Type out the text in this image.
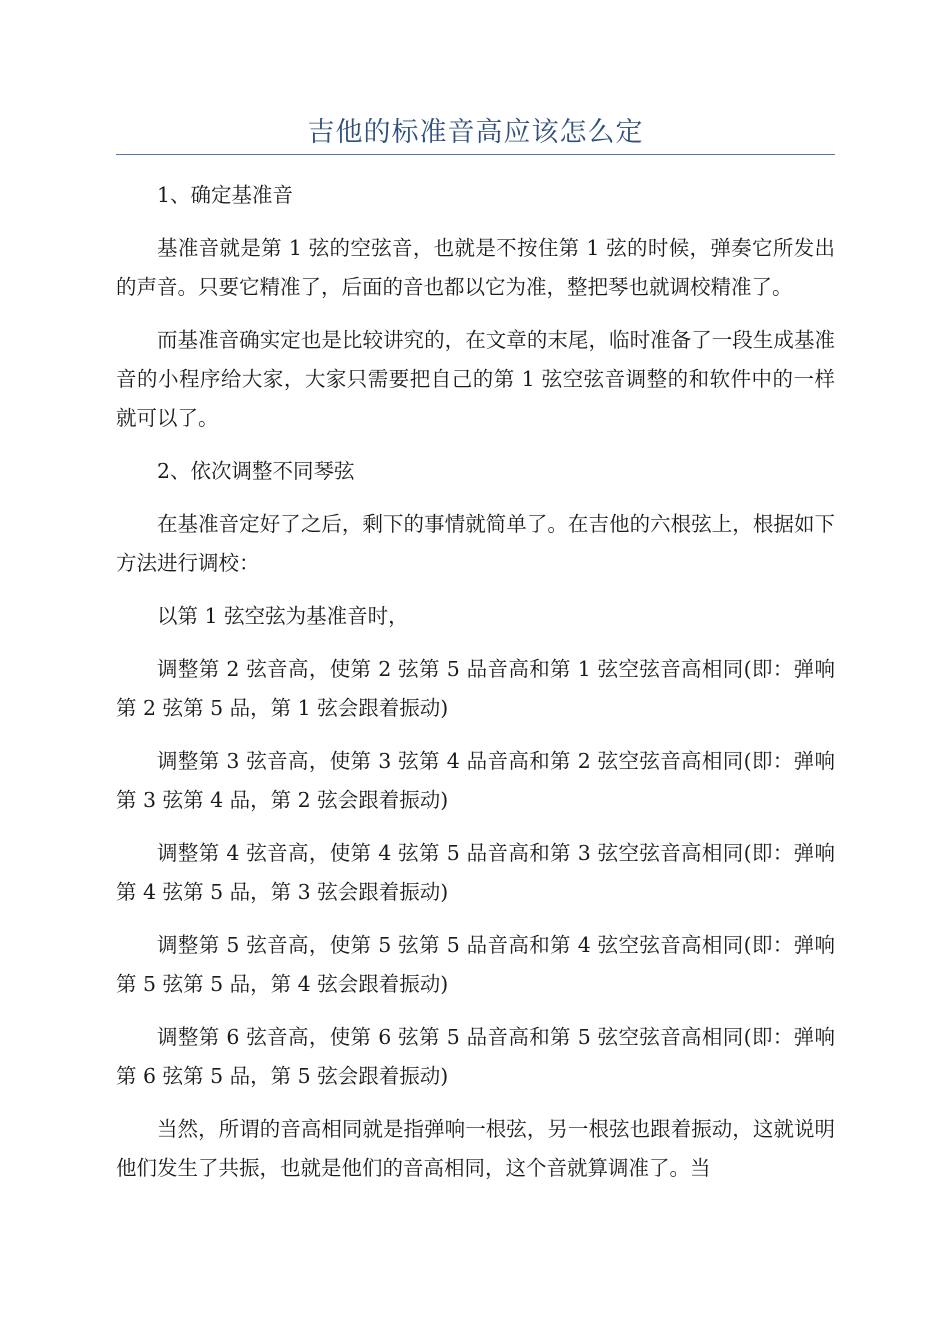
吉他的标准音高应该怎么定

1、确定基准音

基准音就是第 1 弦的空弦音，也就是不按住第 1 弦的时候，弹奏它所发出的声音。只要它精准了，后面的音也都以它为准，整把琴也就调校精准了。

而基准音确实定也是比较讲究的，在文章的末尾，临时准备了一段生成基准音的小程序给大家，大家只需要把自己的第 1 弦空弦音调整的和软件中的一样就可以了。

2、依次调整不同琴弦

在基准音定好了之后，剩下的事情就简单了。在吉他的六根弦上，根据如下方法进行调校：

以第 1 弦空弦为基准音时，

调整第 2 弦音高，使第 2 弦第 5 品音高和第 1 弦空弦音高相同(即：弹响第 2 弦第 5 品，第 1 弦会跟着振动)

调整第 3 弦音高，使第 3 弦第 4 品音高和第 2 弦空弦音高相同(即：弹响第 3 弦第 4 品，第 2 弦会跟着振动)

调整第 4 弦音高，使第 4 弦第 5 品音高和第 3 弦空弦音高相同(即：弹响第 4 弦第 5 品，第 3 弦会跟着振动)

调整第 5 弦音高，使第 5 弦第 5 品音高和第 4 弦空弦音高相同(即：弹响第 5 弦第 5 品，第 4 弦会跟着振动)

调整第 6 弦音高，使第 6 弦第 5 品音高和第 5 弦空弦音高相同(即：弹响第 6 弦第 5 品，第 5 弦会跟着振动)

当然，所谓的音高相同就是指弹响一根弦，另一根弦也跟着振动，这就说明他们发生了共振，也就是他们的音高相同，这个音就算调准了。当
